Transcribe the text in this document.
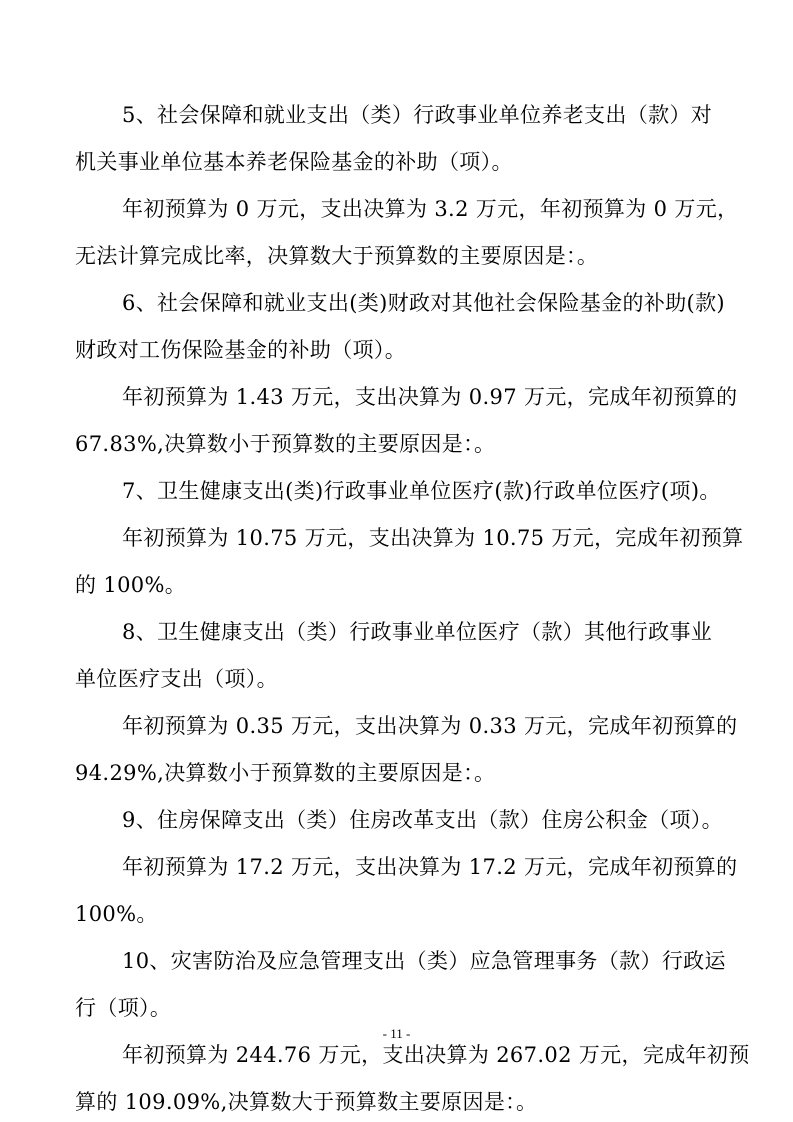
5、社会保障和就业支出（类）行政事业单位养老支出（款）对
机关事业单位基本养老保险基金的补助（项）。
年初预算为 0 万元，支出决算为 3.2 万元，年初预算为 0 万元，
无法计算完成比率，决算数大于预算数的主要原因是：。
6、社会保障和就业支出(类)财政对其他社会保险基金的补助(款)
财政对工伤保险基金的补助（项）。
年初预算为 1.43 万元，支出决算为 0.97 万元，完成年初预算的
67.83%,决算数小于预算数的主要原因是：。
7、卫生健康支出(类)行政事业单位医疗(款)行政单位医疗(项)。
年初预算为 10.75 万元，支出决算为 10.75 万元，完成年初预算
的 100%。
8、卫生健康支出（类）行政事业单位医疗（款）其他行政事业
单位医疗支出（项）。
年初预算为 0.35 万元，支出决算为 0.33 万元，完成年初预算的
94.29%,决算数小于预算数的主要原因是：。
9、住房保障支出（类）住房改革支出（款）住房公积金（项）。
年初预算为 17.2 万元，支出决算为 17.2 万元，完成年初预算的
100%。
10、灾害防治及应急管理支出（类）应急管理事务（款）行政运
行（项）。
年初预算为 244.76 万元，支出决算为 267.02 万元，完成年初预
算的 109.09%,决算数大于预算数主要原因是：。
- 11 -
